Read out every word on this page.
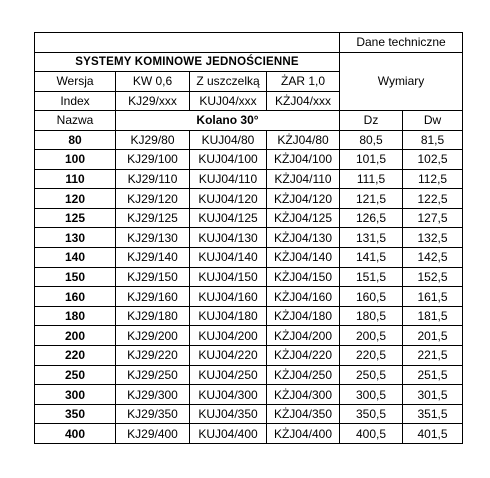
				Dane techniczne	
SYSTEMY KOMINOWE JEDNOŚCIENNE				Wymiary	
Wersja	KW 0,6	Z uszczelką	ŻAR 1,0		
Index	KJ29/xxx	KUJ04/xxx	KŻJ04/xxx		
Nazwa	Kolano 30°			Dz	Dw
80	KJ29/80	KUJ04/80	KŻJ04/80	80,5	81,5
100	KJ29/100	KUJ04/100	KŻJ04/100	101,5	102,5
110	KJ29/110	KUJ04/110	KŻJ04/110	111,5	112,5
120	KJ29/120	KUJ04/120	KŻJ04/120	121,5	122,5
125	KJ29/125	KUJ04/125	KŻJ04/125	126,5	127,5
130	KJ29/130	KUJ04/130	KŻJ04/130	131,5	132,5
140	KJ29/140	KUJ04/140	KŻJ04/140	141,5	142,5
150	KJ29/150	KUJ04/150	KŻJ04/150	151,5	152,5
160	KJ29/160	KUJ04/160	KŻJ04/160	160,5	161,5
180	KJ29/180	KUJ04/180	KŻJ04/180	180,5	181,5
200	KJ29/200	KUJ04/200	KŻJ04/200	200,5	201,5
220	KJ29/220	KUJ04/220	KŻJ04/220	220,5	221,5
250	KJ29/250	KUJ04/250	KŻJ04/250	250,5	251,5
300	KJ29/300	KUJ04/300	KŻJ04/300	300,5	301,5
350	KJ29/350	KUJ04/350	KŻJ04/350	350,5	351,5
400	KJ29/400	KUJ04/400	KŻJ04/400	400,5	401,5
